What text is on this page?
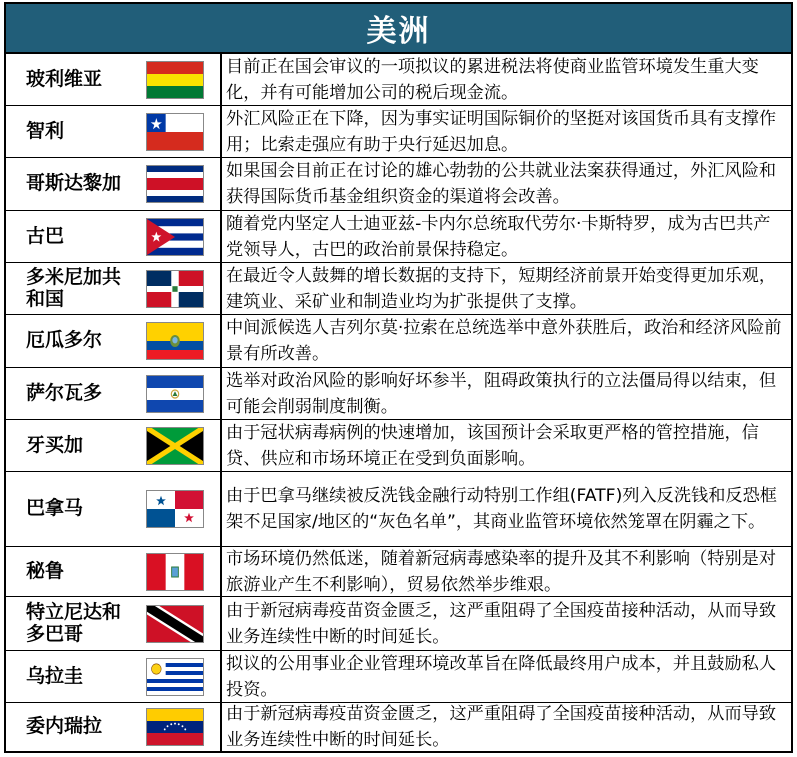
美洲
玻利维亚
目前正在国会审议的一项拟议的累进税法将使商业监管环境发生重大变化，并有可能增加公司的税后现金流。
智利
外汇风险正在下降，因为事实证明国际铜价的坚挺对该国货币具有支撑作用；比索走强应有助于央行延迟加息。
哥斯达黎加
如果国会目前正在讨论的雄心勃勃的公共就业法案获得通过，外汇风险和获得国际货币基金组织资金的渠道将会改善。
古巴
随着党内坚定人士迪亚兹-卡内尔总统取代劳尔·卡斯特罗，成为古巴共产党领导人，古巴的政治前景保持稳定。
多米尼加共和国
在最近令人鼓舞的增长数据的支持下，短期经济前景开始变得更加乐观，建筑业、采矿业和制造业均为扩张提供了支撑。
厄瓜多尔
中间派候选人吉列尔莫·拉索在总统选举中意外获胜后，政治和经济风险前景有所改善。
萨尔瓦多
选举对政治风险的影响好坏参半，阻碍政策执行的立法僵局得以结束，但可能会削弱制度制衡。
牙买加
由于冠状病毒病例的快速增加，该国预计会采取更严格的管控措施，信贷、供应和市场环境正在受到负面影响。
巴拿马
由于巴拿马继续被反洗钱金融行动特别工作组(FATF)列入反洗钱和反恐框架不足国家/地区的“灰色名单”，其商业监管环境依然笼罩在阴霾之下。
秘鲁
市场环境仍然低迷，随着新冠病毒感染率的提升及其不利影响（特别是对旅游业产生不利影响），贸易依然举步维艰。
特立尼达和多巴哥
由于新冠病毒疫苗资金匮乏，这严重阻碍了全国疫苗接种活动，从而导致业务连续性中断的时间延长。
乌拉圭
拟议的公用事业企业管理环境改革旨在降低最终用户成本，并且鼓励私人投资。
委内瑞拉
由于新冠病毒疫苗资金匮乏，这严重阻碍了全国疫苗接种活动，从而导致业务连续性中断的时间延长。
